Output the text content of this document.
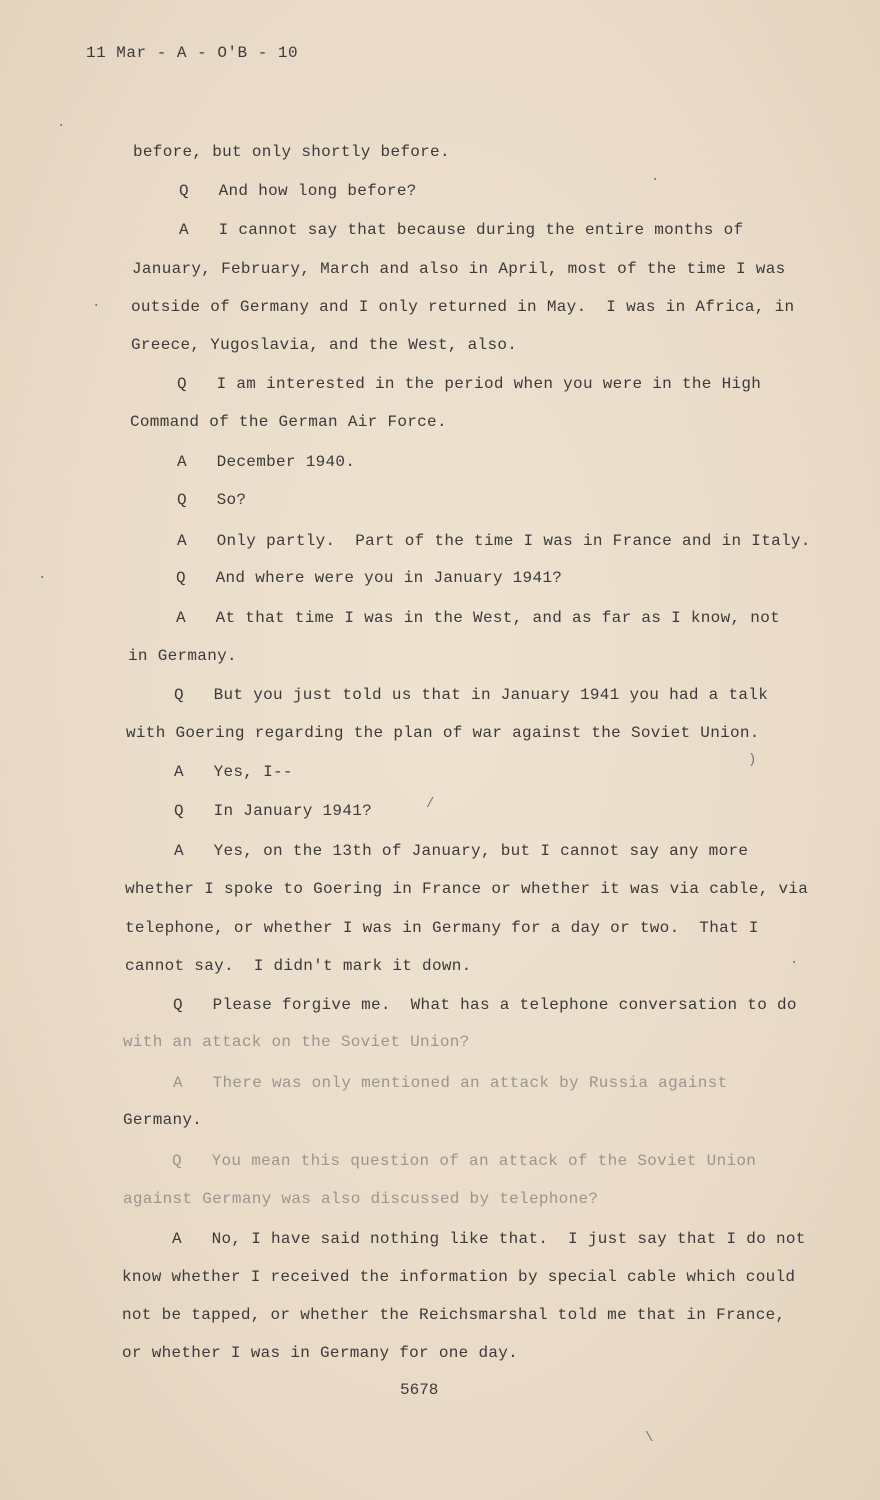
11 Mar - A - O'B - 10
before, but only shortly before.
Q   And how long before?
A   I cannot say that because during the entire months of
January, February, March and also in April, most of the time I was
outside of Germany and I only returned in May.  I was in Africa, in
Greece, Yugoslavia, and the West, also.
Q   I am interested in the period when you were in the High
Command of the German Air Force.
A   December 1940.
Q   So?
A   Only partly.  Part of the time I was in France and in Italy.
Q   And where were you in January 1941?
A   At that time I was in the West, and as far as I know, not
in Germany.
Q   But you just told us that in January 1941 you had a talk
with Goering regarding the plan of war against the Soviet Union.
A   Yes, I--
Q   In January 1941?
A   Yes, on the 13th of January, but I cannot say any more
whether I spoke to Goering in France or whether it was via cable, via
telephone, or whether I was in Germany for a day or two.  That I
cannot say.  I didn't mark it down.
Q   Please forgive me.  What has a telephone conversation to do
with an attack on the Soviet Union?
A   There was only mentioned an attack by Russia against
Germany.
Q   You mean this question of an attack of the Soviet Union
against Germany was also discussed by telephone?
A   No, I have said nothing like that.  I just say that I do not
know whether I received the information by special cable which could
not be tapped, or whether the Reichsmarshal told me that in France,
or whether I was in Germany for one day.
5678
·
·
·
·
)
/
·
\
